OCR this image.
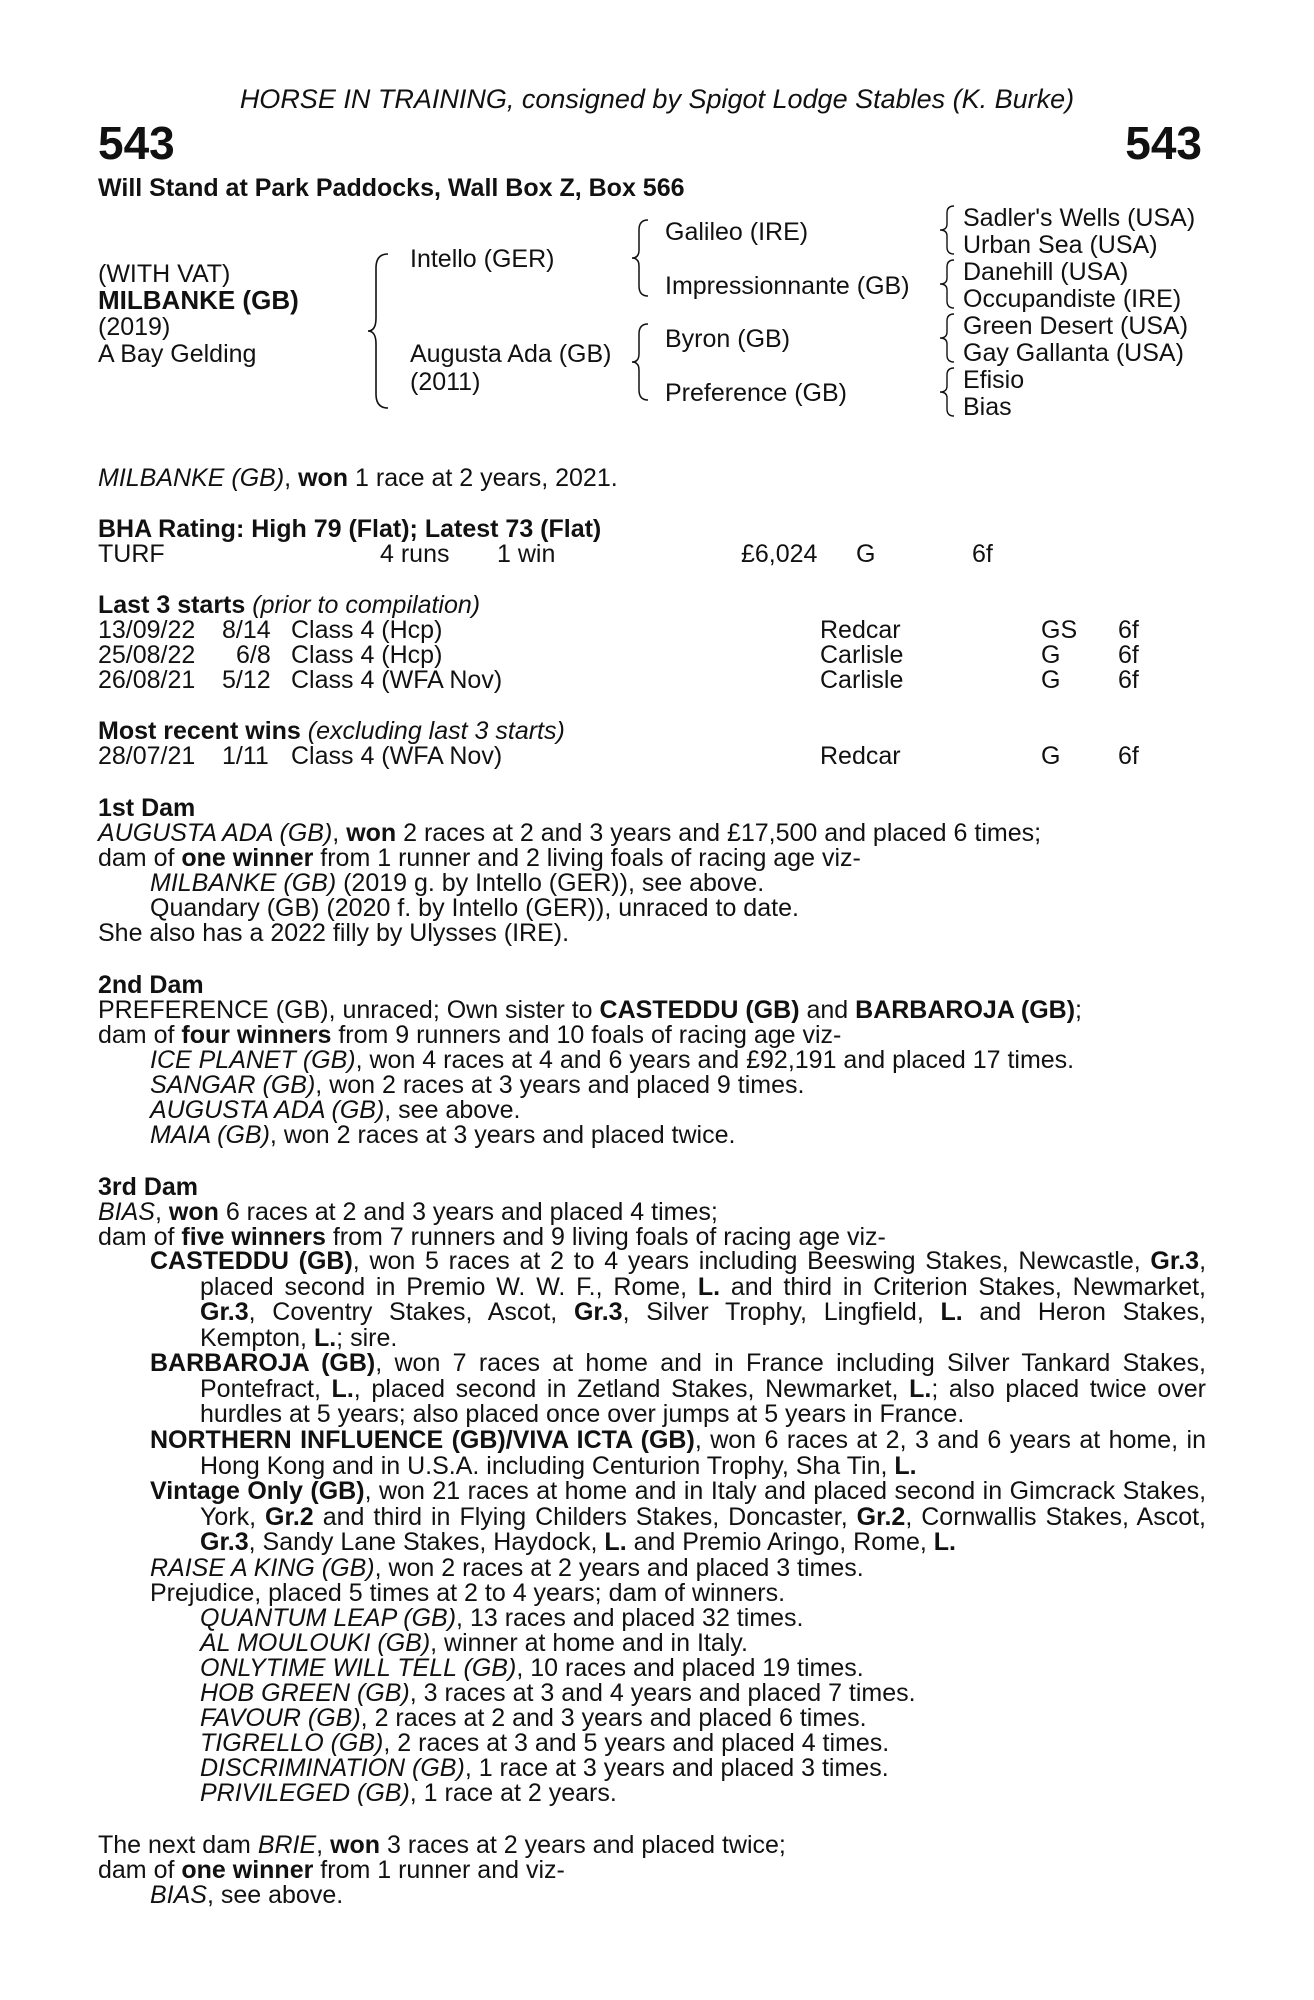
HORSE IN TRAINING, consigned by Spigot Lodge Stables (K. Burke)
543	543
Will Stand at Park Paddocks, Wall Box Z, Box 566
(WITH VAT)
MILBANKE (GB)
(2019)
A Bay Gelding
Intello (GER)
Augusta Ada (GB)
(2011)
Galileo (IRE)
Impressionnante (GB)
Byron (GB)
Preference (GB)
Sadler's Wells (USA)
Urban Sea (USA)
Danehill (USA)
Occupandiste (IRE)
Green Desert (USA)
Gay Gallanta (USA)
Efisio
Bias
MILBANKE (GB), won 1 race at 2 years, 2021.
BHA Rating: High 79 (Flat); Latest 73 (Flat)
TURF	4 runs 1 win	£6,024 G	6f
Last 3 starts (prior to compilation)
13/09/22 8/14 Class 4 (Hcp)	Redcar	GS 6f
25/08/22 6/8 Class 4 (Hcp)	Carlisle	G 6f
26/08/21 5/12 Class 4 (WFA Nov)	Carlisle	G 6f
Most recent wins (excluding last 3 starts)
28/07/21 1/11 Class 4 (WFA Nov)	Redcar	G 6f
1st Dam
AUGUSTA ADA (GB), won 2 races at 2 and 3 years and £17,500 and placed 6 times;
dam of one winner from 1 runner and 2 living foals of racing age viz-
MILBANKE (GB) (2019 g. by Intello (GER)), see above.
Quandary (GB) (2020 f. by Intello (GER)), unraced to date.
She also has a 2022 filly by Ulysses (IRE).
2nd Dam
PREFERENCE (GB), unraced; Own sister to CASTEDDU (GB) and BARBAROJA (GB);
dam of four winners from 9 runners and 10 foals of racing age viz-
ICE PLANET (GB), won 4 races at 4 and 6 years and £92,191 and placed 17 times.
SANGAR (GB), won 2 races at 3 years and placed 9 times.
AUGUSTA ADA (GB), see above.
MAIA (GB), won 2 races at 3 years and placed twice.
3rd Dam
BIAS, won 6 races at 2 and 3 years and placed 4 times;
dam of five winners from 7 runners and 9 living foals of racing age viz-
CASTEDDU (GB), won 5 races at 2 to 4 years including Beeswing Stakes, Newcastle, Gr.3, placed second in Premio W. W. F., Rome, L. and third in Criterion Stakes, Newmarket, Gr.3, Coventry Stakes, Ascot, Gr.3, Silver Trophy, Lingfield, L. and Heron Stakes, Kempton, L.; sire.
BARBAROJA (GB), won 7 races at home and in France including Silver Tankard Stakes, Pontefract, L., placed second in Zetland Stakes, Newmarket, L.; also placed twice over hurdles at 5 years; also placed once over jumps at 5 years in France.
NORTHERN INFLUENCE (GB)/VIVA ICTA (GB), won 6 races at 2, 3 and 6 years at home, in Hong Kong and in U.S.A. including Centurion Trophy, Sha Tin, L.
Vintage Only (GB), won 21 races at home and in Italy and placed second in Gimcrack Stakes, York, Gr.2 and third in Flying Childers Stakes, Doncaster, Gr.2, Cornwallis Stakes, Ascot, Gr.3, Sandy Lane Stakes, Haydock, L. and Premio Aringo, Rome, L.
RAISE A KING (GB), won 2 races at 2 years and placed 3 times.
Prejudice, placed 5 times at 2 to 4 years; dam of winners.
QUANTUM LEAP (GB), 13 races and placed 32 times.
AL MOULOUKI (GB), winner at home and in Italy.
ONLYTIME WILL TELL (GB), 10 races and placed 19 times.
HOB GREEN (GB), 3 races at 3 and 4 years and placed 7 times.
FAVOUR (GB), 2 races at 2 and 3 years and placed 6 times.
TIGRELLO (GB), 2 races at 3 and 5 years and placed 4 times.
DISCRIMINATION (GB), 1 race at 3 years and placed 3 times.
PRIVILEGED (GB), 1 race at 2 years.
The next dam BRIE, won 3 races at 2 years and placed twice;
dam of one winner from 1 runner and viz-
BIAS, see above.
